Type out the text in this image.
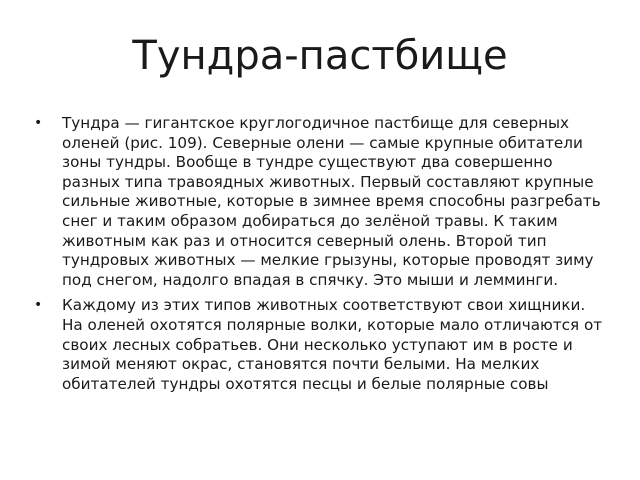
Тундра-пастбище
• Тундра — гигантское круглогодичное пастбище для северных оленей (рис. 109). Северные олени — самые крупные обитатели зоны тундры. Вообще в тундре существуют два совершенно разных типа травоядных животных. Первый составляют крупные сильные животные, которые в зимнее время способны разгребать снег и таким образом добираться до зелёной травы. К таким животным как раз и относится северный олень. Второй тип тундровых животных — мелкие грызуны, которые проводят зиму под снегом, надолго впадая в спячку. Это мыши и лемминги.
• Каждому из этих типов животных соответствуют свои хищники. На оленей охотятся полярные волки, которые мало отличаются от своих лесных собратьев. Они несколько уступают им в росте и зимой меняют окрас, становятся почти белыми. На мелких обитателей тундры охотятся песцы и белые полярные совы
